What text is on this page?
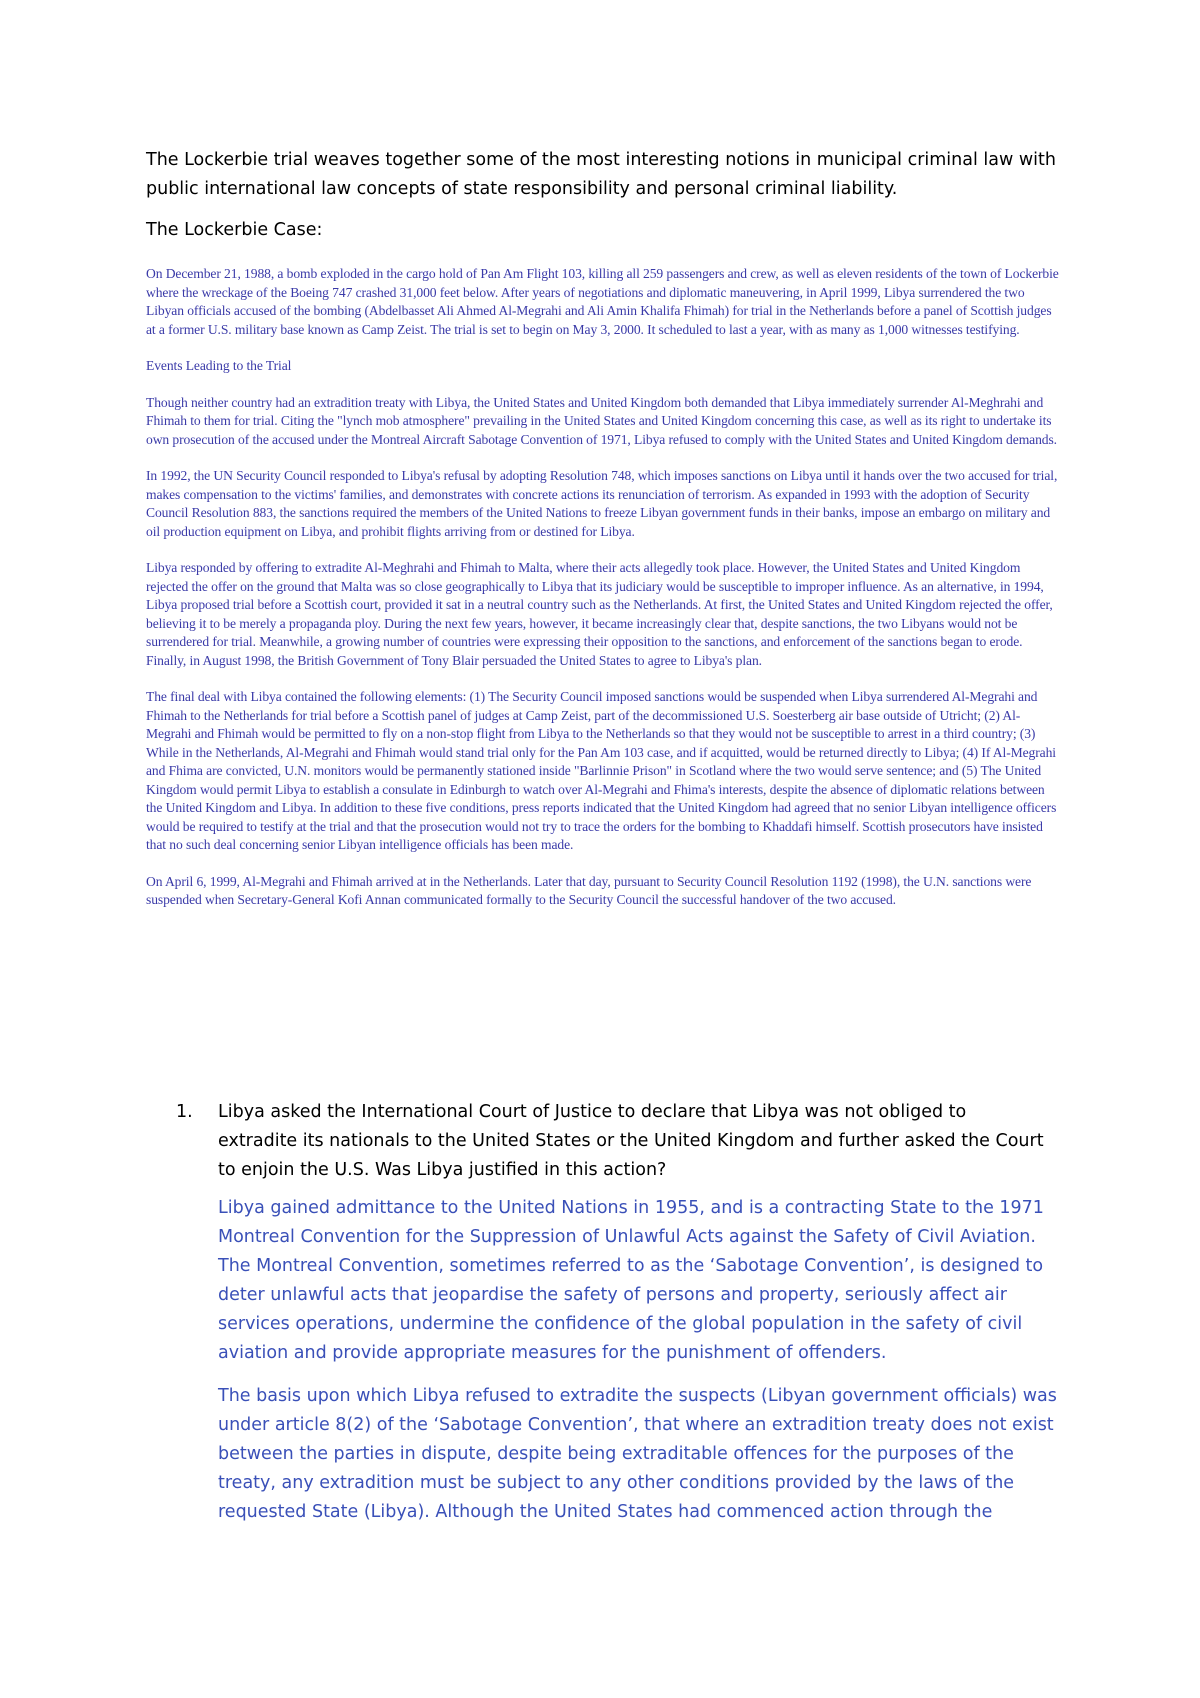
The Lockerbie trial weaves together some of the most interesting notions in municipal criminal law with public international law concepts of state responsibility and personal criminal liability.

The Lockerbie Case:

On December 21, 1988, a bomb exploded in the cargo hold of Pan Am Flight 103, killing all 259 passengers and crew, as well as eleven residents of the town of Lockerbie where the wreckage of the Boeing 747 crashed 31,000 feet below. After years of negotiations and diplomatic maneuvering, in April 1999, Libya surrendered the two Libyan officials accused of the bombing (Abdelbasset Ali Ahmed Al-Megrahi and Ali Amin Khalifa Fhimah) for trial in the Netherlands before a panel of Scottish judges at a former U.S. military base known as Camp Zeist. The trial is set to begin on May 3, 2000. It scheduled to last a year, with as many as 1,000 witnesses testifying.

Events Leading to the Trial

Though neither country had an extradition treaty with Libya, the United States and United Kingdom both demanded that Libya immediately surrender Al-Meghrahi and Fhimah to them for trial. Citing the "lynch mob atmosphere" prevailing in the United States and United Kingdom concerning this case, as well as its right to undertake its own prosecution of the accused under the Montreal Aircraft Sabotage Convention of 1971, Libya refused to comply with the United States and United Kingdom demands.

In 1992, the UN Security Council responded to Libya's refusal by adopting Resolution 748, which imposes sanctions on Libya until it hands over the two accused for trial, makes compensation to the victims' families, and demonstrates with concrete actions its renunciation of terrorism. As expanded in 1993 with the adoption of Security Council Resolution 883, the sanctions required the members of the United Nations to freeze Libyan government funds in their banks, impose an embargo on military and oil production equipment on Libya, and prohibit flights arriving from or destined for Libya.

Libya responded by offering to extradite Al-Meghrahi and Fhimah to Malta, where their acts allegedly took place. However, the United States and United Kingdom rejected the offer on the ground that Malta was so close geographically to Libya that its judiciary would be susceptible to improper influence. As an alternative, in 1994, Libya proposed trial before a Scottish court, provided it sat in a neutral country such as the Netherlands. At first, the United States and United Kingdom rejected the offer, believing it to be merely a propaganda ploy. During the next few years, however, it became increasingly clear that, despite sanctions, the two Libyans would not be surrendered for trial. Meanwhile, a growing number of countries were expressing their opposition to the sanctions, and enforcement of the sanctions began to erode. Finally, in August 1998, the British Government of Tony Blair persuaded the United States to agree to Libya's plan.

The final deal with Libya contained the following elements: (1) The Security Council imposed sanctions would be suspended when Libya surrendered Al-Megrahi and Fhimah to the Netherlands for trial before a Scottish panel of judges at Camp Zeist, part of the decommissioned U.S. Soesterberg air base outside of Utricht; (2) Al-Megrahi and Fhimah would be permitted to fly on a non-stop flight from Libya to the Netherlands so that they would not be susceptible to arrest in a third country; (3) While in the Netherlands, Al-Megrahi and Fhimah would stand trial only for the Pan Am 103 case, and if acquitted, would be returned directly to Libya; (4) If Al-Megrahi and Fhima are convicted, U.N. monitors would be permanently stationed inside "Barlinnie Prison" in Scotland where the two would serve sentence; and (5) The United Kingdom would permit Libya to establish a consulate in Edinburgh to watch over Al-Megrahi and Fhima's interests, despite the absence of diplomatic relations between the United Kingdom and Libya. In addition to these five conditions, press reports indicated that the United Kingdom had agreed that no senior Libyan intelligence officers would be required to testify at the trial and that the prosecution would not try to trace the orders for the bombing to Khaddafi himself. Scottish prosecutors have insisted that no such deal concerning senior Libyan intelligence officials has been made.

On April 6, 1999, Al-Megrahi and Fhimah arrived at in the Netherlands. Later that day, pursuant to Security Council Resolution 1192 (1998), the U.N. sanctions were suspended when Secretary-General Kofi Annan communicated formally to the Security Council the successful handover of the two accused.

1. Libya asked the International Court of Justice to declare that Libya was not obliged to extradite its nationals to the United States or the United Kingdom and further asked the Court to enjoin the U.S. Was Libya justified in this action?

Libya gained admittance to the United Nations in 1955, and is a contracting State to the 1971 Montreal Convention for the Suppression of Unlawful Acts against the Safety of Civil Aviation. The Montreal Convention, sometimes referred to as the ‘Sabotage Convention’, is designed to deter unlawful acts that jeopardise the safety of persons and property, seriously affect air services operations, undermine the confidence of the global population in the safety of civil aviation and provide appropriate measures for the punishment of offenders.

The basis upon which Libya refused to extradite the suspects (Libyan government officials) was under article 8(2) of the ‘Sabotage Convention’, that where an extradition treaty does not exist between the parties in dispute, despite being extraditable offences for the purposes of the treaty, any extradition must be subject to any other conditions provided by the laws of the requested State (Libya). Although the United States had commenced action through the
